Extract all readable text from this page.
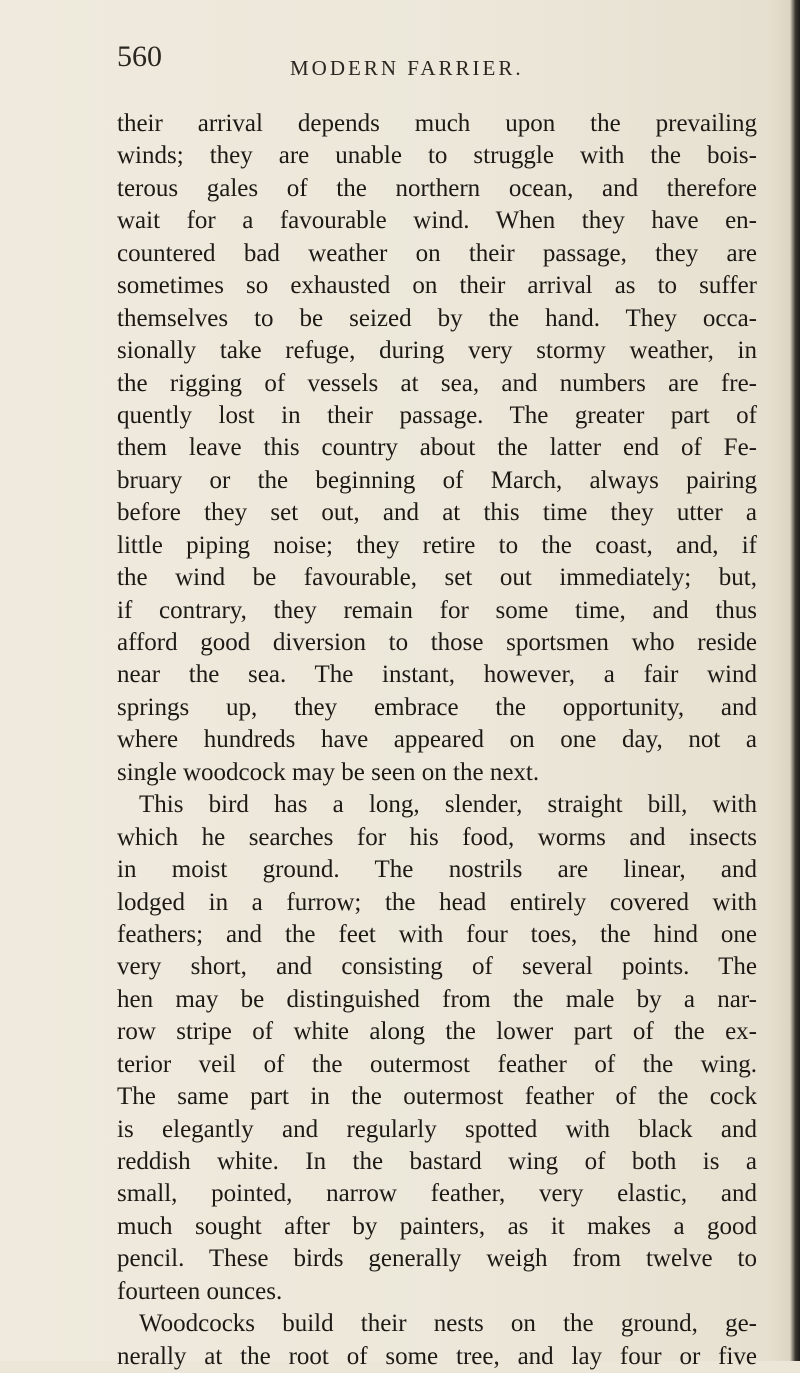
560	MODERN FARRIER.
their arrival depends much upon the prevailing
winds; they are unable to struggle with the bois-
terous gales of the northern ocean, and therefore
wait for a favourable wind. When they have en-
countered bad weather on their passage, they are
sometimes so exhausted on their arrival as to suffer
themselves to be seized by the hand. They occa-
sionally take refuge, during very stormy weather, in
the rigging of vessels at sea, and numbers are fre-
quently lost in their passage. The greater part of
them leave this country about the latter end of Fe-
bruary or the beginning of March, always pairing
before they set out, and at this time they utter a
little piping noise; they retire to the coast, and, if
the wind be favourable, set out immediately; but,
if contrary, they remain for some time, and thus
afford good diversion to those sportsmen who reside
near the sea. The instant, however, a fair wind
springs up, they embrace the opportunity, and
where hundreds have appeared on one day, not a
single woodcock may be seen on the next.
This bird has a long, slender, straight bill, with
which he searches for his food, worms and insects
in moist ground. The nostrils are linear, and
lodged in a furrow; the head entirely covered with
feathers; and the feet with four toes, the hind one
very short, and consisting of several points. The
hen may be distinguished from the male by a nar-
row stripe of white along the lower part of the ex-
terior veil of the outermost feather of the wing.
The same part in the outermost feather of the cock
is elegantly and regularly spotted with black and
reddish white. In the bastard wing of both is a
small, pointed, narrow feather, very elastic, and
much sought after by painters, as it makes a good
pencil. These birds generally weigh from twelve to
fourteen ounces.
Woodcocks build their nests on the ground, ge-
nerally at the root of some tree, and lay four or five
